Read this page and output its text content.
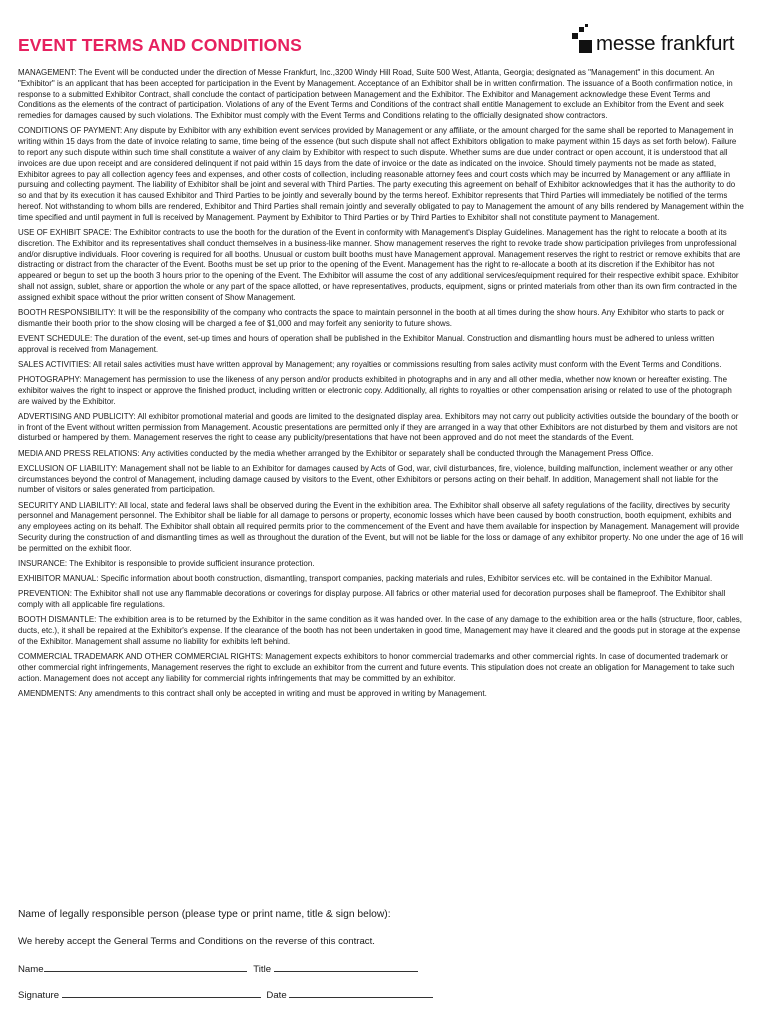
EVENT TERMS AND CONDITIONS	messe frankfurt

MANAGEMENT: The Event will be conducted under the direction of Messe Frankfurt, Inc.,3200 Windy Hill Road, Suite 500 West, Atlanta, Georgia; designated as "Management" in this document. An "Exhibitor" is an applicant that has been accepted for participation in the Event by Management. Acceptance of an Exhibitor shall be in written confirmation. The issuance of a Booth confirmation notice, in response to a submitted Exhibitor Contract, shall conclude the contact of participation between Management and the Exhibitor. The Exhibitor and Management acknowledge these Event Terms and Conditions as the elements of the contract of participation. Violations of any of the Event Terms and Conditions of the contract shall entitle Management to exclude an Exhibitor from the Event and seek remedies for damages caused by such violations. The Exhibitor must comply with the Event Terms and Conditions relating to the officially designated show contractors.

CONDITIONS OF PAYMENT: Any dispute by Exhibitor with any exhibition event services provided by Management or any affiliate, or the amount charged for the same shall be reported to Management in writing within 15 days from the date of invoice relating to same, time being of the essence (but such dispute shall not affect Exhibitors obligation to make payment within 15 days as set forth below). Failure to report any such dispute within such time shall constitute a waiver of any claim by Exhibitor with respect to such dispute. Whether sums are due under contract or open account, it is understood that all invoices are due upon receipt and are considered delinquent if not paid within 15 days from the date of invoice or the date as indicated on the invoice. Should timely payments not be made as stated, Exhibitor agrees to pay all collection agency fees and expenses, and other costs of collection, including reasonable attorney fees and court costs which may be incurred by Management or any affiliate in pursuing and collecting payment. The liability of Exhibitor shall be joint and several with Third Parties. The party executing this agreement on behalf of Exhibitor acknowledges that it has the authority to do so and that by its execution it has caused Exhibitor and Third Parties to be jointly and severally bound by the terms hereof. Exhibitor represents that Third Parties will immediately be notified of the terms hereof. Not withstanding to whom bills are rendered, Exhibitor and Third Parties shall remain jointly and severally obligated to pay to Management the amount of any bills rendered by Management within the time specified and until payment in full is received by Management. Payment by Exhibitor to Third Parties or by Third Parties to Exhibitor shall not constitute payment to Management.

USE OF EXHIBIT SPACE: The Exhibitor contracts to use the booth for the duration of the Event in conformity with Management's Display Guidelines. Management has the right to relocate a booth at its discretion. The Exhibitor and its representatives shall conduct themselves in a business-like manner. Show management reserves the right to revoke trade show participation privileges from unprofessional and/or disruptive individuals. Floor covering is required for all booths. Unusual or custom built booths must have Management approval. Management reserves the right to restrict or remove exhibits that are distracting or distract from the character of the Event. Booths must be set up prior to the opening of the Event. Management has the right to re-allocate a booth at its discretion if the Exhibitor has not appeared or begun to set up the booth 3 hours prior to the opening of the Event. The Exhibitor will assume the cost of any additional services/equipment required for their respective exhibit space. Exhibitor shall not assign, sublet, share or apportion the whole or any part of the space allotted, or have representatives, products, equipment, signs or printed materials from other than its own firm contracted in the assigned exhibit space without the prior written consent of Show Management.

BOOTH RESPONSIBILITY: It will be the responsibility of the company who contracts the space to maintain personnel in the booth at all times during the show hours. Any Exhibitor who starts to pack or dismantle their booth prior to the show closing will be charged a fee of $1,000 and may forfeit any seniority to future shows.

EVENT SCHEDULE: The duration of the event, set-up times and hours of operation shall be published in the Exhibitor Manual. Construction and dismantling hours must be adhered to unless written approval is received from Management.

SALES ACTIVITIES: All retail sales activities must have written approval by Management; any royalties or commissions resulting from sales activity must conform with the Event Terms and Conditions.

PHOTOGRAPHY: Management has permission to use the likeness of any person and/or products exhibited in photographs and in any and all other media, whether now known or hereafter existing. The exhibitor waives the right to inspect or approve the finished product, including written or electronic copy. Additionally, all rights to royalties or other compensation arising or related to use of the photograph are waived by the Exhibitor.

ADVERTISING AND PUBLICITY: All exhibitor promotional material and goods are limited to the designated display area. Exhibitors may not carry out publicity activities outside the boundary of the booth or in front of the Event without written permission from Management. Acoustic presentations are permitted only if they are arranged in a way that other Exhibitors are not disturbed by them and visitors are not disturbed or hampered by them. Management reserves the right to cease any publicity/presentations that have not been approved and do not meet the standards of the Event.

MEDIA AND PRESS RELATIONS: Any activities conducted by the media whether arranged by the Exhibitor or separately shall be conducted through the Management Press Office.

EXCLUSION OF LIABILITY: Management shall not be liable to an Exhibitor for damages caused by Acts of God, war, civil disturbances, fire, violence, building malfunction, inclement weather or any other circumstances beyond the control of Management, including damage caused by visitors to the Event, other Exhibitors or persons acting on their behalf. In addition, Management shall not liable for the number of visitors or sales generated from participation.

SECURITY AND LIABILITY: All local, state and federal laws shall be observed during the Event in the exhibition area. The Exhibitor shall observe all safety regulations of the facility, directives by security personnel and Management personnel. The Exhibitor shall be liable for all damage to persons or property, economic losses which have been caused by booth construction, booth equipment, exhibits and any employees acting on its behalf. The Exhibitor shall obtain all required permits prior to the commencement of the Event and have them available for inspection by Management. Management will provide Security during the construction of and dismantling times as well as throughout the duration of the Event, but will not be liable for the loss or damage of any exhibitor property. No one under the age of 16 will be permitted on the exhibit floor.

INSURANCE: The Exhibitor is responsible to provide sufficient insurance protection.

EXHIBITOR MANUAL: Specific information about booth construction, dismantling, transport companies, packing materials and rules, Exhibitor services etc. will be contained in the Exhibitor Manual.

PREVENTION: The Exhibitor shall not use any flammable decorations or coverings for display purpose. All fabrics or other material used for decoration purposes shall be flameproof. The Exhibitor shall comply with all applicable fire regulations.

BOOTH DISMANTLE: The exhibition area is to be returned by the Exhibitor in the same condition as it was handed over. In the case of any damage to the exhibition area or the halls (structure, floor, cables, ducts, etc.), it shall be repaired at the Exhibitor's expense. If the clearance of the booth has not been undertaken in good time, Management may have it cleared and the goods put in storage at the expense of the Exhibitor. Management shall assume no liability for exhibits left behind.

COMMERCIAL TRADEMARK AND OTHER COMMERCIAL RIGHTS: Management expects exhibitors to honor commercial trademarks and other commercial rights. In case of documented trademark or other commercial right infringements, Management reserves the right to exclude an exhibitor from the current and future events. This stipulation does not create an obligation for Management to take such action. Management does not accept any liability for commercial rights infringements that may be committed by an exhibitor.

AMENDMENTS: Any amendments to this contract shall only be accepted in writing and must be approved in writing by Management.

Name of legally responsible person (please type or print name, title & sign below):
We hereby accept the General Terms and Conditions on the reverse of this contract.
Name	Title
Signature	Date
